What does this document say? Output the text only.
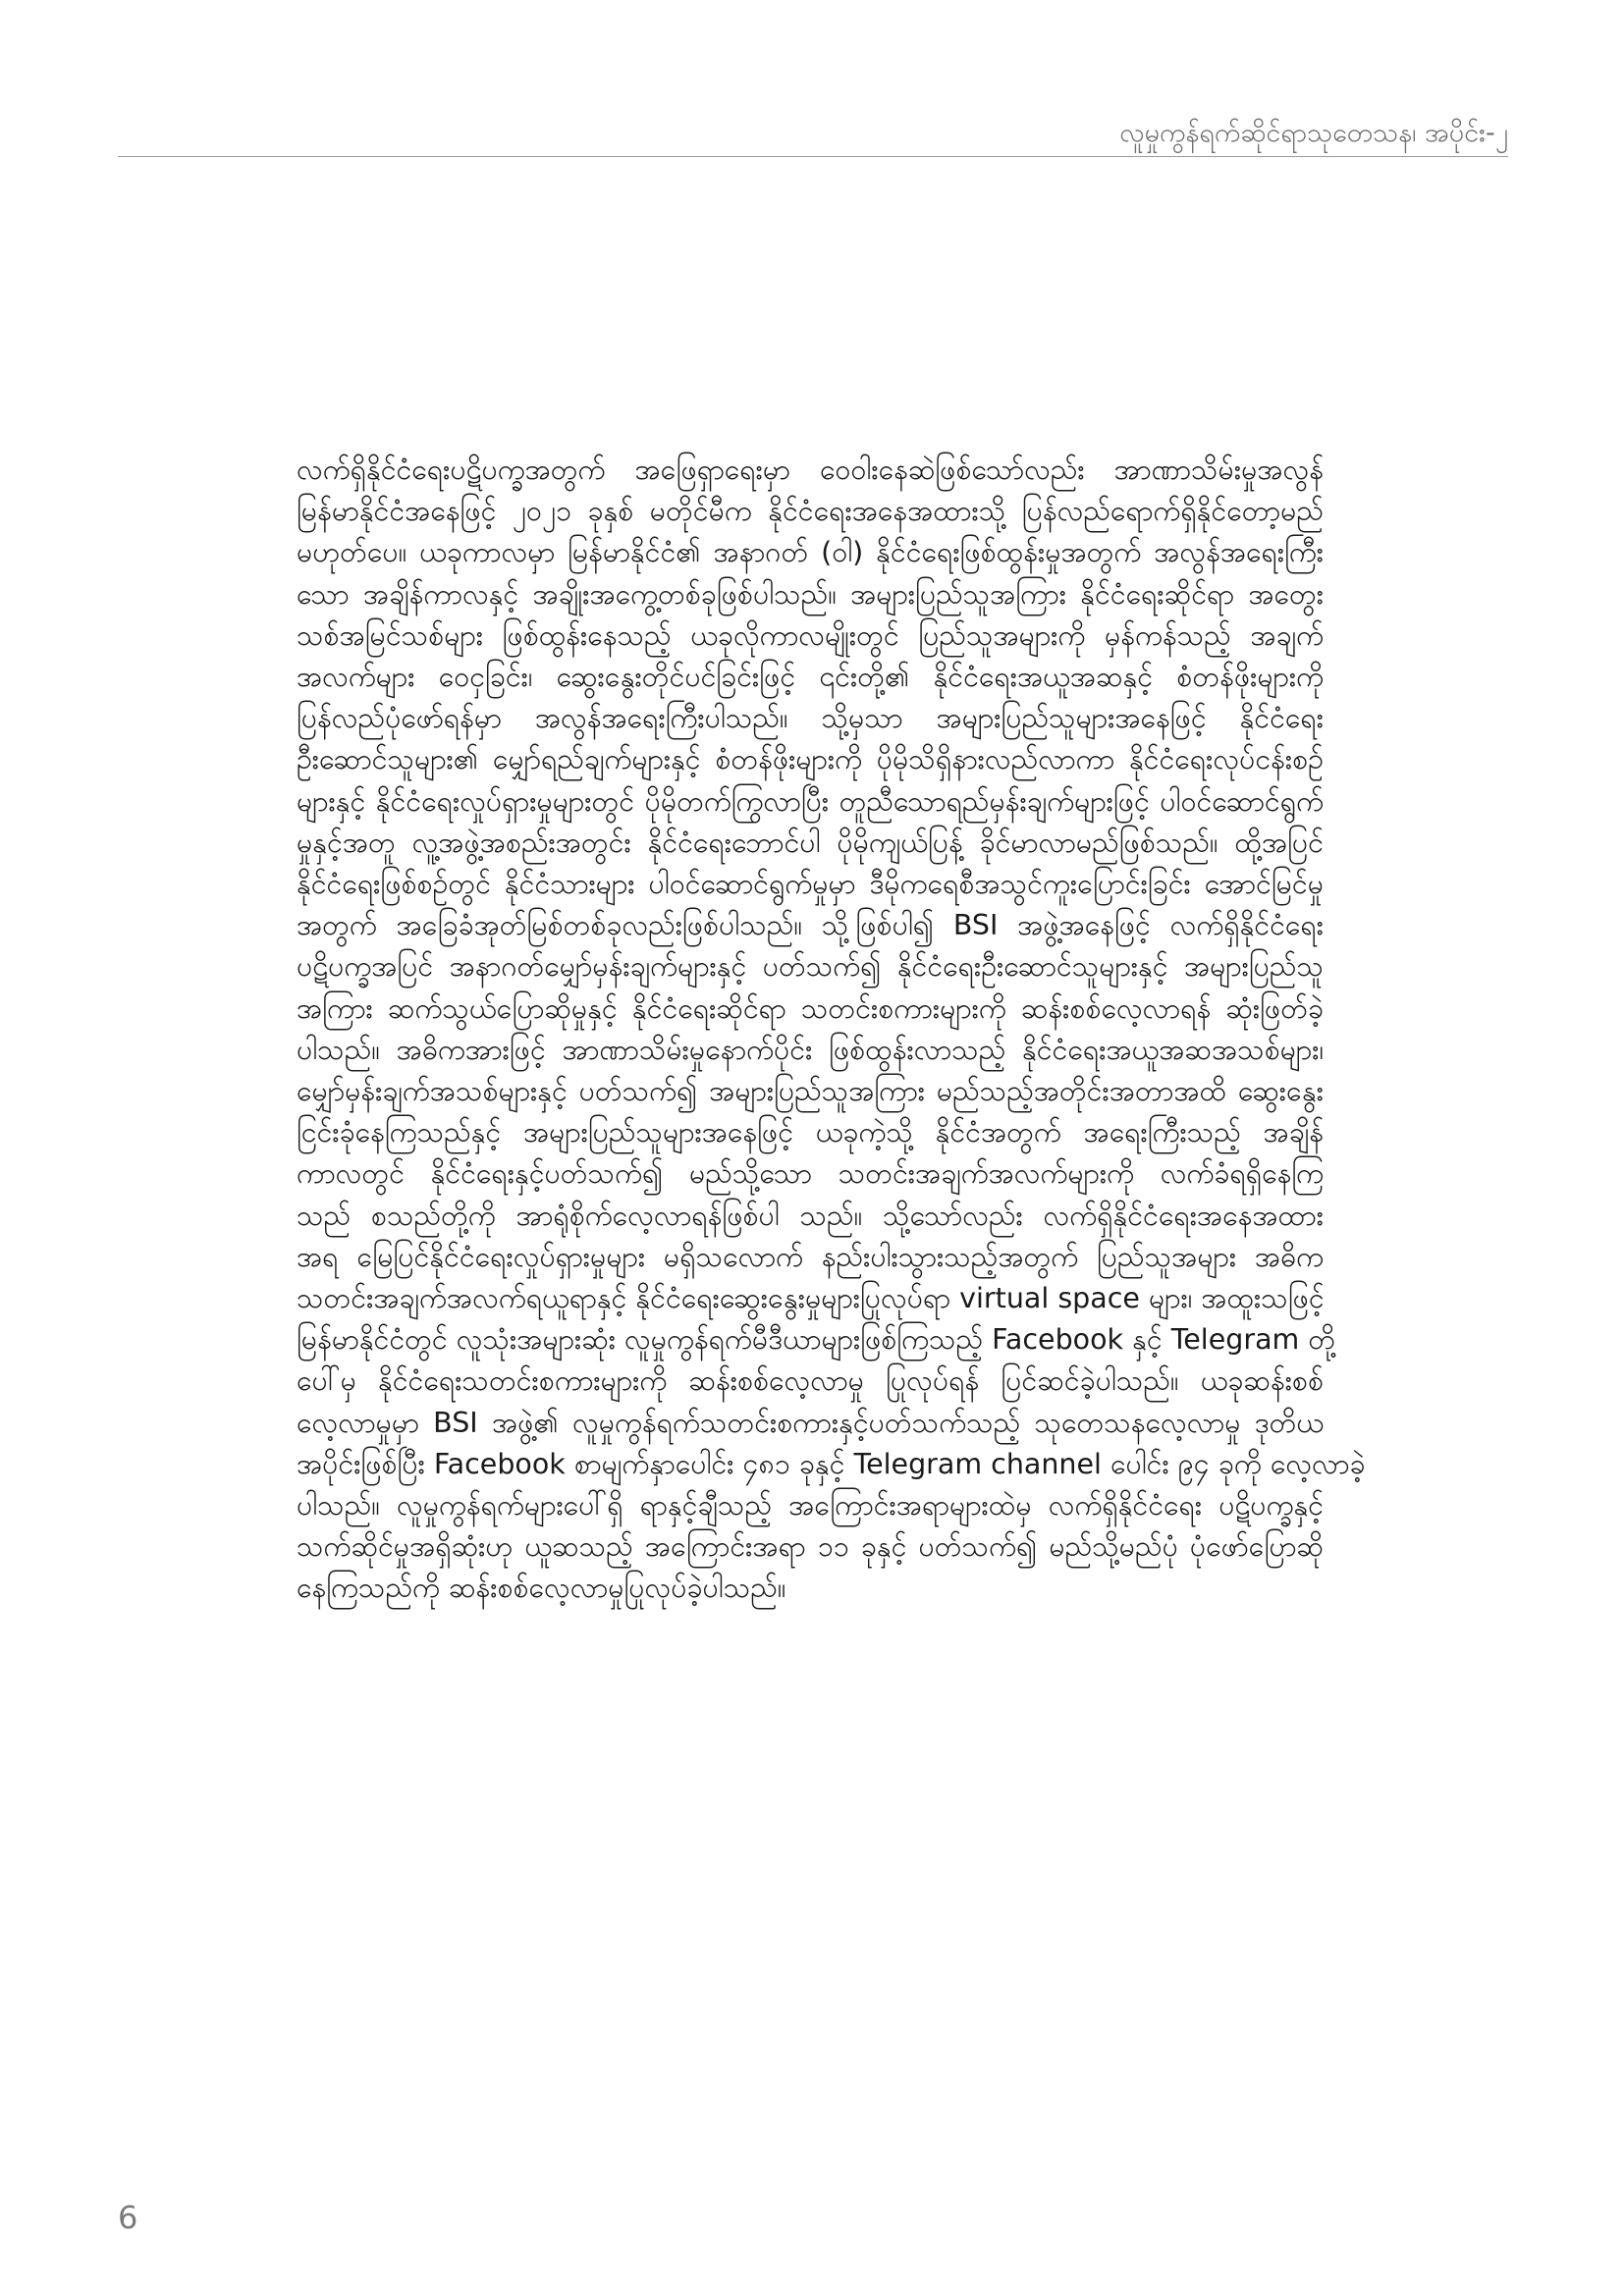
လူမှုကွန်ရက်ဆိုင်ရာသုတေသန၊ အပိုင်း-၂
လက်ရှိနိုင်ငံရေးပဋိပက္ခအတွက် အဖြေရှာရေးမှာ ဝေဝါးနေဆဲဖြစ်သော်လည်း အာဏာသိမ်းမှုအလွန်
မြန်မာနိုင်ငံအနေဖြင့် ၂၀၂၁ ခုနှစ် မတိုင်မီက နိုင်ငံရေးအနေအထားသို့ ပြန်လည်ရောက်ရှိနိုင်တော့မည်
မဟုတ်ပေ။ ယခုကာလမှာ မြန်မာနိုင်ငံ၏ အနာဂတ် (ဝါ) နိုင်ငံရေးဖြစ်ထွန်းမှုအတွက် အလွန်အရေးကြီး
သော အချိန်ကာလနှင့် အချိုးအကွေ့တစ်ခုဖြစ်ပါသည်။ အများပြည်သူအကြား နိုင်ငံရေးဆိုင်ရာ အတွေး
သစ်အမြင်သစ်များ ဖြစ်ထွန်းနေသည့် ယခုလိုကာလမျိုးတွင် ပြည်သူအများကို မှန်ကန်သည့် အချက်
အလက်များ ဝေငှခြင်း၊ ဆွေးနွေးတိုင်ပင်ခြင်းဖြင့် ၎င်းတို့၏ နိုင်ငံရေးအယူအဆနှင့် စံတန်ဖိုးများကို
ပြန်လည်ပုံဖော်ရန်မှာ အလွန်အရေးကြီးပါသည်။ သို့မှသာ အများပြည်သူများအနေဖြင့် နိုင်ငံရေး
ဦးဆောင်သူများ၏ မျှော်ရည်ချက်များနှင့် စံတန်ဖိုးများကို ပိုမိုသိရှိနားလည်လာကာ နိုင်ငံရေးလုပ်ငန်းစဉ်
များနှင့် နိုင်ငံရေးလှုပ်ရှားမှုများတွင် ပိုမိုတက်ကြွလာပြီး တူညီသောရည်မှန်းချက်များဖြင့် ပါဝင်ဆောင်ရွက်
မှုနှင့်အတူ လူ့အဖွဲ့အစည်းအတွင်း နိုင်ငံရေးဘောင်ပါ ပိုမိုကျယ်ပြန့် ခိုင်မာလာမည်ဖြစ်သည်။ ထို့အပြင်
နိုင်ငံရေးဖြစ်စဉ်တွင် နိုင်ငံသားများ ပါဝင်ဆောင်ရွက်မှုမှာ ဒီမိုကရေစီအသွင်ကူးပြောင်းခြင်း အောင်မြင်မှု
အတွက် အခြေခံအုတ်မြစ်တစ်ခုလည်းဖြစ်ပါသည်။ သို့ဖြစ်ပါ၍ BSI အဖွဲ့အနေဖြင့် လက်ရှိနိုင်ငံရေး
ပဋိပက္ခအပြင် အနာဂတ်မျှော်မှန်းချက်များနှင့် ပတ်သက်၍ နိုင်ငံရေးဦးဆောင်သူများနှင့် အများပြည်သူ
အကြား ဆက်သွယ်ပြောဆိုမှုနှင့် နိုင်ငံရေးဆိုင်ရာ သတင်းစကားများကို ဆန်းစစ်လေ့လာရန် ဆုံးဖြတ်ခဲ့
ပါသည်။ အဓိကအားဖြင့် အာဏာသိမ်းမှုနောက်ပိုင်း ဖြစ်ထွန်းလာသည့် နိုင်ငံရေးအယူအဆအသစ်များ၊
မျှော်မှန်းချက်အသစ်များနှင့် ပတ်သက်၍ အများပြည်သူအကြား မည်သည့်အတိုင်းအတာအထိ ဆွေးနွေး
ငြင်းခုံနေကြသည်နှင့် အများပြည်သူများအနေဖြင့် ယခုကဲ့သို့ နိုင်ငံအတွက် အရေးကြီးသည့် အချိန်
ကာလတွင် နိုင်ငံရေးနှင့်ပတ်သက်၍ မည်သို့သော သတင်းအချက်အလက်များကို လက်ခံရရှိနေကြ
သည် စသည်တို့ကို အာရုံစိုက်လေ့လာရန်ဖြစ်ပါ သည်။ သို့သော်လည်း လက်ရှိနိုင်ငံရေးအနေအထား
အရ မြေပြင်နိုင်ငံရေးလှုပ်ရှားမှုများ မရှိသလောက် နည်းပါးသွားသည့်အတွက် ပြည်သူအများ အဓိက
သတင်းအချက်အလက်ရယူရာနှင့် နိုင်ငံရေးဆွေးနွေးမှုများပြုလုပ်ရာ virtual space များ၊ အထူးသဖြင့်
မြန်မာနိုင်ငံတွင် လူသုံးအများဆုံး လူမှုကွန်ရက်မီဒီယာများဖြစ်ကြသည့် Facebook နှင့် Telegram တို့
ပေါ်မှ နိုင်ငံရေးသတင်းစကားများကို ဆန်းစစ်လေ့လာမှု ပြုလုပ်ရန် ပြင်ဆင်ခဲ့ပါသည်။ ယခုဆန်းစစ်
လေ့လာမှုမှာ BSI အဖွဲ့၏ လူမှုကွန်ရက်သတင်းစကားနှင့်ပတ်သက်သည့် သုတေသနလေ့လာမှု ဒုတိယ
အပိုင်းဖြစ်ပြီး Facebook စာမျက်နှာပေါင်း ၄၈၁ ခုနှင့် Telegram channel ပေါင်း ၉၄ ခုကို လေ့လာခဲ့
ပါသည်။ လူမှုကွန်ရက်များပေါ်ရှိ ရာနှင့်ချီသည့် အကြောင်းအရာများထဲမှ လက်ရှိနိုင်ငံရေး ပဋိပက္ခနှင့်
သက်ဆိုင်မှုအရှိဆုံးဟု ယူဆသည့် အကြောင်းအရာ ၁၁ ခုနှင့် ပတ်သက်၍ မည်သို့မည်ပုံ ပုံဖော်ပြောဆို
နေကြသည်ကို ဆန်းစစ်လေ့လာမှုပြုလုပ်ခဲ့ပါသည်။
6
